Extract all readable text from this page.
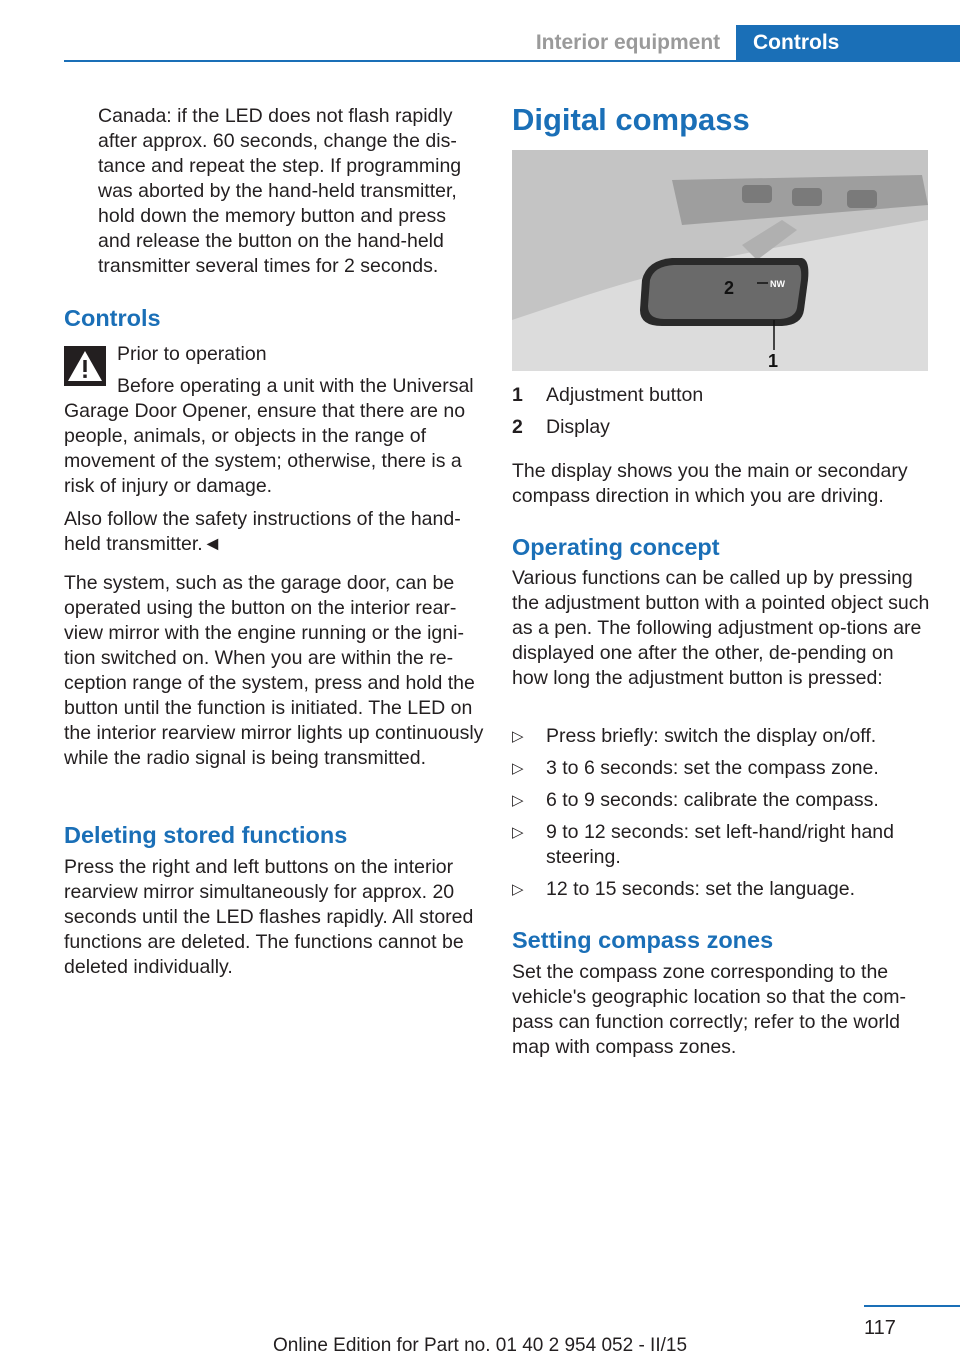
Interior equipment	Controls

Canada: if the LED does not flash rapidly after approx. 60 seconds, change the dis-tance and repeat the step. If programming was aborted by the hand-held transmitter, hold down the memory button and press and release the button on the hand-held transmitter several times for 2 seconds.

Controls
Prior to operation

Before operating a unit with the Universal Garage Door Opener, ensure that there are no people, animals, or objects in the range of movement of the system; otherwise, there is a risk of injury or damage.

Also follow the safety instructions of the hand-held transmitter.◄

The system, such as the garage door, can be operated using the button on the interior rear-view mirror with the engine running or the igni-tion switched on. When you are within the re-ception range of the system, press and hold the button until the function is initiated. The LED on the interior rearview mirror lights up continuously while the radio signal is being transmitted.

Deleting stored functions

Press the right and left buttons on the interior rearview mirror simultaneously for approx. 20 seconds until the LED flashes rapidly. All stored functions are deleted. The functions cannot be deleted individually.

Digital compass
NW
2
1
1 Adjustment button
2 Display

The display shows you the main or secondary compass direction in which you are driving.

Operating concept

Various functions can be called up by pressing the adjustment button with a pointed object such as a pen. The following adjustment op-tions are displayed one after the other, de-pending on how long the adjustment button is pressed:

▷ Press briefly: switch the display on/off.
▷ 3 to 6 seconds: set the compass zone.
▷ 6 to 9 seconds: calibrate the compass.
▷ 9 to 12 seconds: set left-hand/right hand steering.
▷ 12 to 15 seconds: set the language.
Setting compass zones

Set the compass zone corresponding to the vehicle's geographic location so that the com-pass can function correctly; refer to the world map with compass zones.

117
Online Edition for Part no. 01 40 2 954 052 - II/15
